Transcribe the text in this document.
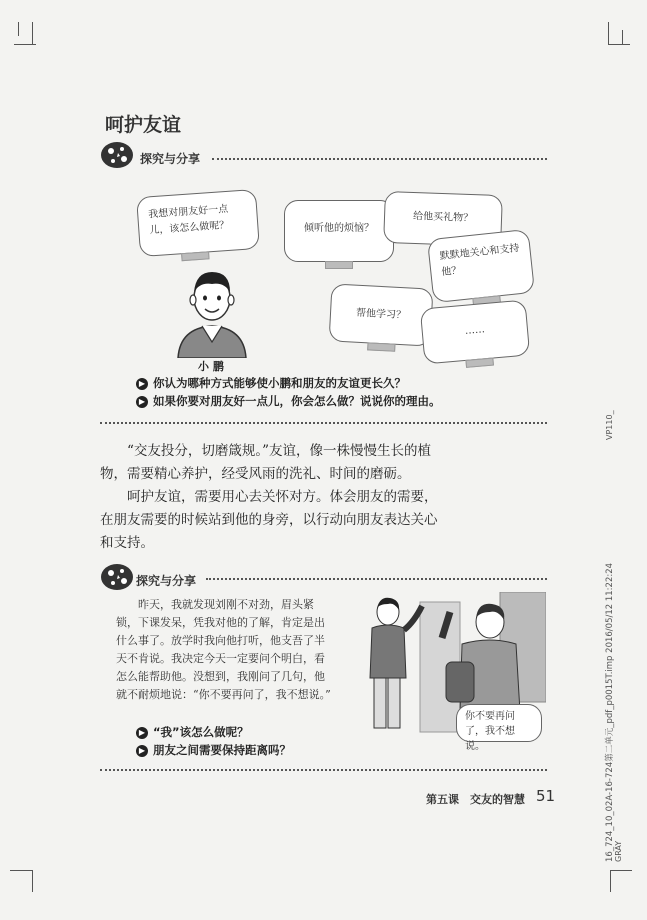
呵护友谊
探究与分享
我想对朋友好一点儿，该怎么做呢？	倾听他的烦恼？
给他买礼物？
默默地关心和支持他？
帮他学习？
……
小 鹏
▶ 你认为哪种方式能够使小鹏和朋友的友谊更长久？
▶ 如果你要对朋友好一点儿，你会怎么做？说说你的理由。
“交友投分，切磨箴规。”友谊，像一株慢慢生长的植物，需要精心养护，经受风雨的洗礼、时间的磨砺。
呵护友谊，需要用心去关怀对方。体会朋友的需要，在朋友需要的时候站到他的身旁，以行动向朋友表达关心和支持。
探究与分享
昨天，我就发现刘刚不对劲，眉头紧锁，下课发呆，凭我对他的了解，肯定是出什么事了。放学时我向他打听，他支吾了半天不肯说。我决定今天一定要问个明白，看怎么能帮助他。没想到，我刚问了几句，他就不耐烦地说：“你不要再问了，我不想说。”
你不要再问了，我不想说。
▶ “我”该怎么做呢？
▶ 朋友之间需要保持距离吗？
第五课　交友的智慧 51
VP110_
16_724_10_02A-16-724第二单元_pdf_p0015T.imp 2016/05/12 11:22:24 GRAY
